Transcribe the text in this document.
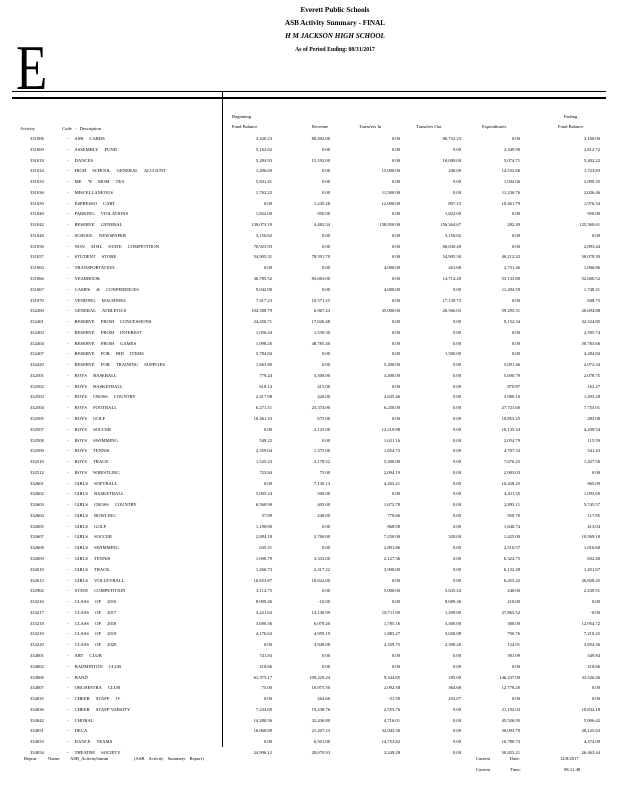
E
Everett Public Schools
ASB Activity Summary - FINAL
H M JACKSON HIGH SCHOOL
As of Period Ending: 08/31/2017
Activity	Code - Description
Beginning
Fund Balance	Revenue	Transfers In	Transfers Out	Expenditures
Ending
Fund Balance
331006	- ASB CARDS	3,420.23	80,492.00	0.00	80,752.23	0.00	3,160.00
331009	- ASSEMBLY FUND	5,162.62	0.00	0.00	0.00	2,349.90	2,812.72
331018	- DANCES	5,284.93	15,192.00	0.00	10,000.00	5,074.71	5,402.22
331024	- HIGH SCHOOL GENERAL ACCOUNT	1,496.69	0.00	15,000.00	240.00	14,532.86	1,723.83
331033	- ME 'N MOM TEA	5,841.41	0.00	0.00	0.00	1,942.06	3,899.35
331036	- MISCELLANEOUS	1,763.22	0.00	11,500.00	0.00	11,236.76	2,026.46
331039	- ESPRESSO CART	0.00	1,245.28	12,000.00	807.15	10,461.79	1,976.34
331040	- PARKING VIOLATIONS	1,822.00	950.00	0.00	1,822.00	0.00	950.00
331042	- RESERVE GENERAL	139,073.19	4,482.54	158,850.00	156,364.67	282.49	125,560.61
331048	- SCHOOL NEWSPAPER	3,150.82	0.00	0.00	3,150.82	0.00	0.00
331050	- NON ATHL STATE COMPETITION	70,923.93	0.00	0.00	68,030.49	0.00	2,893.44
331057	- STUDENT STORE	54,905.31	78,591.70	0.00	54,905.30	40,212.32	38,079.39
331063	- TRANSPORTATION	0.00	0.00	4,000.00	261.68	2,731.46	1,006.86
331066	- YEARBOOK	36,785.52	83,663.00	0.00	14,714.20	53,133.80	52,600.52
331067	- CAMPS & CONFERENCES	9,042.90	0.00	4,000.00	0.00	11,294.59	1,748.31
331070	- VENDING MACHINES	7,417.23	10,571.25	0.00	17,139.73	0.00	848.75
332200	- GENERAL ATHLETICS	104,588.79	6,967.43	35,000.00	26,566.03	59,295.31	20,694.88
332401	- RESERVE FROM CONCESSIONS	24,450.71	17,026.48	0.00	0.00	9,152.34	32,324.85
332403	- RESERVE FROM INTEREST	1,056.44	1,539.30	0.00	0.00	0.00	2,595.74
332404	- RESERVE FROM GAMES	1,998.26	48,785.40	0.00	0.00	0.00	50,783.66
332407	- RESERVE FOR BID ITEMS	5,784.84	0.00	0.00	1,500.00	0.00	4,284.84
332420	- RESERVE FOR TRAINING SUPPLIES	1,663.80	0.00	5,200.00	0.00	5,091.46	2,072.34
332501	- BOYS BASEBALL	779.24	3,500.00	3,400.00	0.00	5,600.79	2,078.75
332502	- BOYS BASKETBALL	618.14	415.00	0.00	0.00	870.87	162.27
332503	- BOYS CROSS COUNTRY	2,417.98	420.00	2,635.46	0.00	3,980.16	1,493.28
332504	- BOYS FOOTBALL	6,271.51	23,374.00	6,250.00	0.00	27,721.60	7,753.91
332505	- BOYS GOLF	10,461.33	675.00	0.00	0.00	10,853.25	283.08
332507	- BOYS SOCCER	0.00	2,125.00	12,219.88	0.00	10,135.34	4,209.54
332508	- BOYS SWIMMING	549.22	0.00	1,621.16	0.00	2,054.79	115.59
332509	- BOYS TENNIS	2,359.04	1,375.00	1,654.72	0.00	4,707.33	541.43
332510	- BOYS TRACK	1,525.23	2,178.52	5,400.00	0.00	7,676.25	1,427.50
332512	- BOYS WRESTLING	723.84	75.00	2,094.19	0.00	2,903.03	0.00
332601	- GIRLS SOFTBALL	0.00	7,130.13	4,263.21	0.00	10,428.25	965.09
332602	- GIRLS BASKETBALL	5,005.24	500.00	0.00	0.00	4,411.55	1,093.69
332603	- GIRLS CROSS COUNTRY	6,560.90	405.00	1,672.78	0.00	2,893.11	5,745.57
332604	- GIRLS BOWLING	57.89	240.00	770.66	0.00	950.70	117.85
332605	- GIRLS GOLF	1,190.80	0.00	868.98	0.00	1,646.74	413.04
332607	- GIRLS SOCCER	2,884.18	2,760.00	7,250.00	520.00	1,425.00	10,569.18
332608	- GIRLS SWIMMING	635.31	0.00	2,891.86	0.00	2,510.57	1,016.60
332609	- GIRLS TENNIS	1,696.79	3,333.00	2,127.36	0.00	6,324.75	832.40
332610	- GIRLS TRACK	1,266.73	2,317.22	3,900.00	0.00	6,132.28	1,451.67
332613	- GIRLS VOLLEYBALL	16,653.87	10,622.00	0.00	0.00	6,455.42	20,820.45
332902	- STATE COMPETITION	3,114.75	0.00	5,000.00	5,635.24	240.00	2,239.51
333216	- CLASS OF 2016	8,909.46	-10.00	0.00	8,689.46	210.00	0.00
333217	- CLASS OF 2017	4,221.63	14,140.99	10,711.90	1,209.00	27,865.52	-0.00
333218	- CLASS OF 2018	3,690.36	6,079.20	1,785.16	3,300.00	300.00	12,954.72
333219	- CLASS OF 2019	4,176.63	4,959.19	1,883.27	3,020.08	790.76	7,210.25
333220	- CLASS OF 2020	0.00	3,948.08	2,359.75	2,308.26	124.91	3,854.36
334001	- ART CLUB	741.83	0.00	0.00	0.00	391.99	349.84
334002	- BADMINTON CLUB	218.66	0.00	0.00	0.00	0.00	218.66
334006	- BAND	61,375.17	109,229.24	9,344.85	185.00	146,237.00	33,526.46
334007	- ORCHESTRA CLUB	75.00	10,975.50	2,092.38	364.68	12,778.20	0.00
334035	- CHEER STAFF JV	0.00	264.66	-31.59	233.07	0.00	0.00
334036	- CHEER STAFF-VARSITY	7,234.69	19,238.76	2,553.76	0.00	21,192.03	10,832.18
334042	- CHORAL	14,280.56	32,436.80	4,716.01	0.00	45,526.95	5,906.42
334051	- DECA	16,068.89	21,207.23	32,943.30	0.00	50,093.79	20,125.63
334053	- DANCE TEAMS	0.00	6,501.00	14,753.82	0.00	16,780.73	4,474.09
334054	- THEATRE SOCIETY	24,996.12	28,670.93	3,249.28	0.00	30,453.21	26,463.44
Report Name: ASB_ActivitySumm	(ASB Activity Summary Report)	Current	Date:	12/8/2017
Current	Time:	08:11:48
